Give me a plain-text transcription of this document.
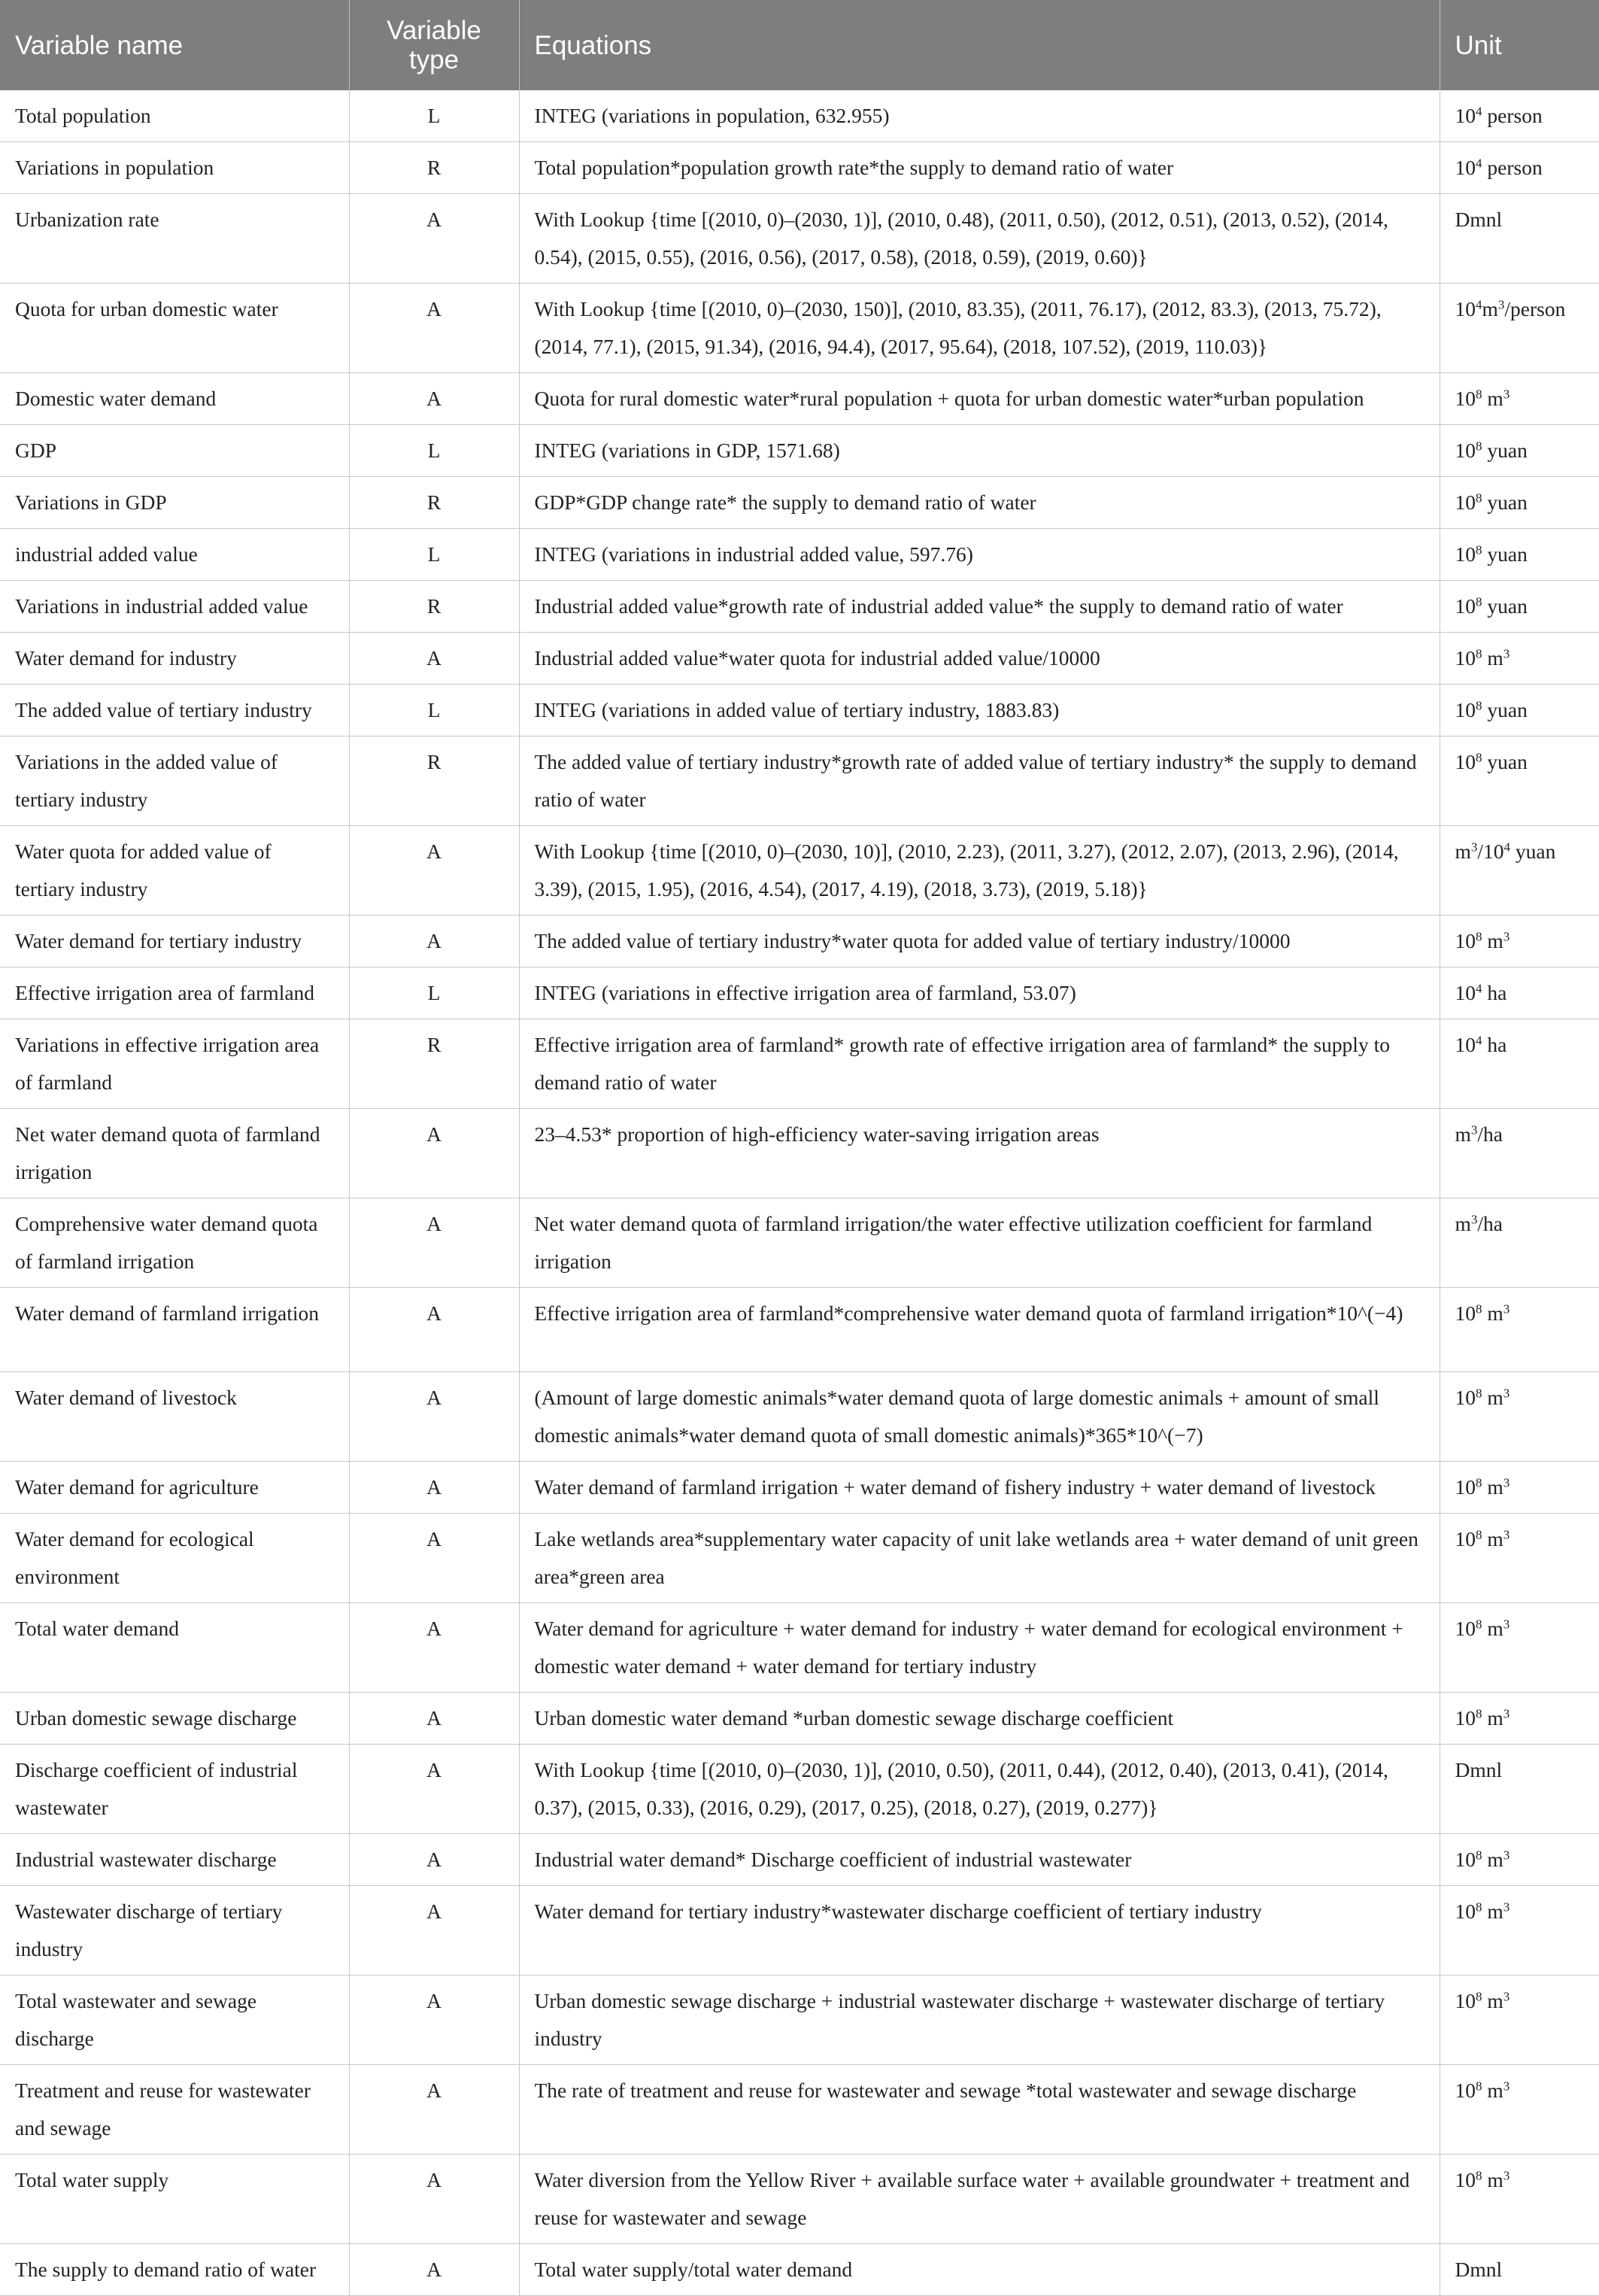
Variable name	Variable type	Equations	Unit
Total population	L	INTEG (variations in population, 632.955)	$10^4$ person
Variations in population	R	Total population*population growth rate*the supply to demand ratio of water	$10^4$ person
Urbanization rate	A	With Lookup {time [(2010, 0)–(2030, 1)], (2010, 0.48), (2011, 0.50), (2012, 0.51), (2013, 0.52), (2014, 0.54), (2015, 0.55), (2016, 0.56), (2017, 0.58), (2018, 0.59), (2019, 0.60)}	Dmnl
Quota for urban domestic water	A	With Lookup {time [(2010, 0)–(2030, 150)], (2010, 83.35), (2011, 76.17), (2012, 83.3), (2013, 75.72), (2014, 77.1), (2015, 91.34), (2016, 94.4), (2017, 95.64), (2018, 107.52), (2019, 110.03)}	$10^4m^3$/person
Domestic water demand	A	Quota for rural domestic water*rural population + quota for urban domestic water*urban population	$10^8$ $m^3$
GDP	L	INTEG (variations in GDP, 1571.68)	$10^8$ yuan
Variations in GDP	R	GDP*GDP change rate* the supply to demand ratio of water	$10^8$ yuan
industrial added value	L	INTEG (variations in industrial added value, 597.76)	$10^8$ yuan
Variations in industrial added value	R	Industrial added value*growth rate of industrial added value* the supply to demand ratio of water	$10^8$ yuan
Water demand for industry	A	Industrial added value*water quota for industrial added value/10000	$10^8$ $m^3$
The added value of tertiary industry	L	INTEG (variations in added value of tertiary industry, 1883.83)	$10^8$ yuan
Variations in the added value of tertiary industry	R	The added value of tertiary industry*growth rate of added value of tertiary industry* the supply to demand ratio of water	$10^8$ yuan
Water quota for added value of tertiary industry	A	With Lookup {time [(2010, 0)–(2030, 10)], (2010, 2.23), (2011, 3.27), (2012, 2.07), (2013, 2.96), (2014, 3.39), (2015, 1.95), (2016, 4.54), (2017, 4.19), (2018, 3.73), (2019, 5.18)}	$m^3/10^4$ yuan
Water demand for tertiary industry	A	The added value of tertiary industry*water quota for added value of tertiary industry/10000	$10^8$ $m^3$
Effective irrigation area of farmland	L	INTEG (variations in effective irrigation area of farmland, 53.07)	$10^4$ ha
Variations in effective irrigation area of farmland	R	Effective irrigation area of farmland* growth rate of effective irrigation area of farmland* the supply to demand ratio of water	$10^4$ ha
Net water demand quota of farmland irrigation	A	23–4.53* proportion of high-efficiency water-saving irrigation areas	$m^3/ha$
Comprehensive water demand quota of farmland irrigation	A	Net water demand quota of farmland irrigation/the water effective utilization coefficient for farmland irrigation	$m^3/ha$
Water demand of farmland irrigation	A	Effective irrigation area of farmland*comprehensive water demand quota of farmland irrigation*10^(−4)	$10^8$ $m^3$
Water demand of livestock	A	(Amount of large domestic animals*water demand quota of large domestic animals + amount of small domestic animals*water demand quota of small domestic animals)*365*10^(−7)	$10^8$ $m^3$
Water demand for agriculture	A	Water demand of farmland irrigation + water demand of fishery industry + water demand of livestock	$10^8$ $m^3$
Water demand for ecological environment	A	Lake wetlands area*supplementary water capacity of unit lake wetlands area + water demand of unit green area*green area	$10^8$ $m^3$
Total water demand	A	Water demand for agriculture + water demand for industry + water demand for ecological environment + domestic water demand + water demand for tertiary industry	$10^8$ $m^3$
Urban domestic sewage discharge	A	Urban domestic water demand *urban domestic sewage discharge coefficient	$10^8$ $m^3$
Discharge coefficient of industrial wastewater	A	With Lookup {time [(2010, 0)–(2030, 1)], (2010, 0.50), (2011, 0.44), (2012, 0.40), (2013, 0.41), (2014, 0.37), (2015, 0.33), (2016, 0.29), (2017, 0.25), (2018, 0.27), (2019, 0.277)}	Dmnl
Industrial wastewater discharge	A	Industrial water demand* Discharge coefficient of industrial wastewater	$10^8$ $m^3$
Wastewater discharge of tertiary industry	A	Water demand for tertiary industry*wastewater discharge coefficient of tertiary industry	$10^8$ $m^3$
Total wastewater and sewage discharge	A	Urban domestic sewage discharge + industrial wastewater discharge + wastewater discharge of tertiary industry	$10^8$ $m^3$
Treatment and reuse for wastewater and sewage	A	The rate of treatment and reuse for wastewater and sewage *total wastewater and sewage discharge	$10^8$ $m^3$
Total water supply	A	Water diversion from the Yellow River + available surface water + available groundwater + treatment and reuse for wastewater and sewage	$10^8$ $m^3$
The supply to demand ratio of water	A	Total water supply/total water demand	Dmnl
